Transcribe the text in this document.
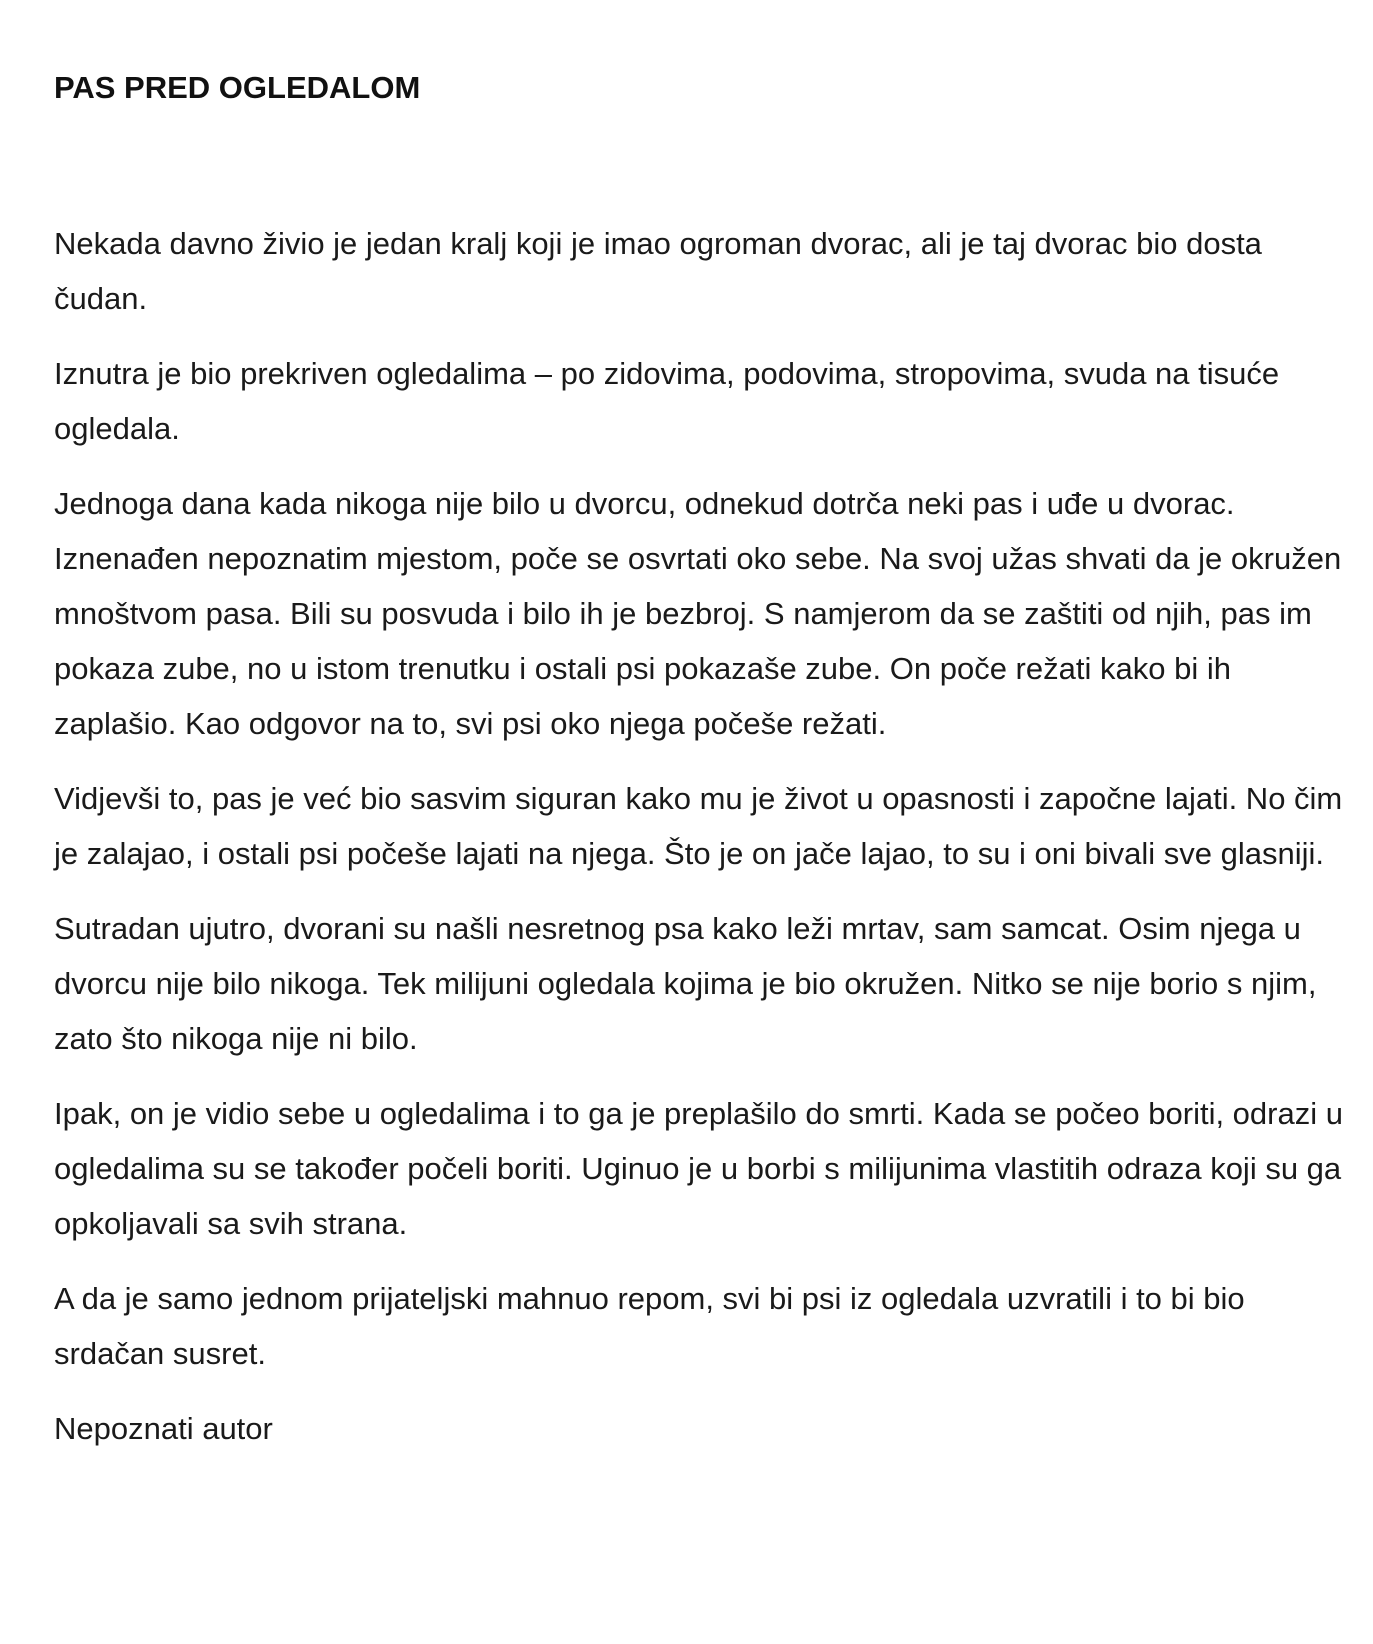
PAS PRED OGLEDALOM

Nekada davno živio je jedan kralj koji je imao ogroman dvorac, ali je taj dvorac bio dosta čudan.

Iznutra je bio prekriven ogledalima – po zidovima, podovima, stropovima, svuda na tisuće ogledala.

Jednoga dana kada nikoga nije bilo u dvorcu, odnekud dotrča neki pas i uđe u dvorac. Iznenađen nepoznatim mjestom, poče se osvrtati oko sebe. Na svoj užas shvati da je okružen mnoštvom pasa. Bili su posvuda i bilo ih je bezbroj. S namjerom da se zaštiti od njih, pas im pokaza zube, no u istom trenutku i ostali psi pokazaše zube. On poče režati kako bi ih zaplašio. Kao odgovor na to, svi psi oko njega počeše režati.

Vidjevši to, pas je već bio sasvim siguran kako mu je život u opasnosti i započne lajati. No čim je zalajao, i ostali psi počeše lajati na njega. Što je on jače lajao, to su i oni bivali sve glasniji.

Sutradan ujutro, dvorani su našli nesretnog psa kako leži mrtav, sam samcat. Osim njega u dvorcu nije bilo nikoga. Tek milijuni ogledala kojima je bio okružen. Nitko se nije borio s njim, zato što nikoga nije ni bilo.

Ipak, on je vidio sebe u ogledalima i to ga je preplašilo do smrti. Kada se počeo boriti, odrazi u ogledalima su se također počeli boriti. Uginuo je u borbi s milijunima vlastitih odraza koji su ga opkoljavali sa svih strana.

A da je samo jednom prijateljski mahnuo repom, svi bi psi iz ogledala uzvratili i to bi bio srdačan susret.

Nepoznati autor
